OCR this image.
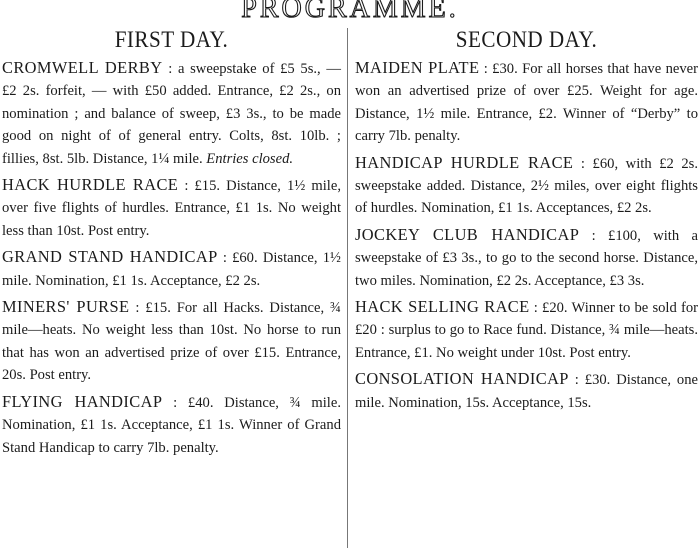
PROGRAMME.
FIRST DAY.

CROMWELL DERBY : a sweepstake of £5 5s., — £2 2s. forfeit, — with £50 added. Entrance, £2 2s., on nomination ; and balance of sweep, £3 3s., to be made good on night of of general entry. Colts, 8st. 10lb. ; fillies, 8st. 5lb. Distance, 1¼ mile. Entries closed.

HACK HURDLE RACE : £15. Distance, 1½ mile, over five flights of hurdles. Entrance, £1 1s. No weight less than 10st. Post entry.

GRAND STAND HANDICAP : £60. Distance, 1½ mile. Nomination, £1 1s. Acceptance, £2 2s.

MINERS' PURSE : £15. For all Hacks. Distance, ¾ mile—heats. No weight less than 10st. No horse to run that has won an advertised prize of over £15. Entrance, 20s. Post entry.

FLYING HANDICAP : £40. Distance, ¾ mile. Nomination, £1 1s. Acceptance, £1 1s. Winner of Grand Stand Handicap to carry 7lb. penalty.

SECOND DAY.

MAIDEN PLATE : £30. For all horses that have never won an advertised prize of over £25. Weight for age. Distance, 1½ mile. Entrance, £2. Winner of “Derby” to carry 7lb. penalty.

HANDICAP HURDLE RACE : £60, with £2 2s. sweepstake added. Distance, 2½ miles, over eight flights of hurdles. Nomination, £1 1s. Acceptances, £2 2s.

JOCKEY CLUB HANDICAP : £100, with a sweepstake of £3 3s., to go to the second horse. Distance, two miles. Nomination, £2 2s. Acceptance, £3 3s.

HACK SELLING RACE : £20. Winner to be sold for £20 : surplus to go to Race fund. Distance, ¾ mile—heats. Entrance, £1. No weight under 10st. Post entry.

CONSOLATION HANDICAP : £30. Distance, one mile. Nomination, 15s. Acceptance, 15s.
